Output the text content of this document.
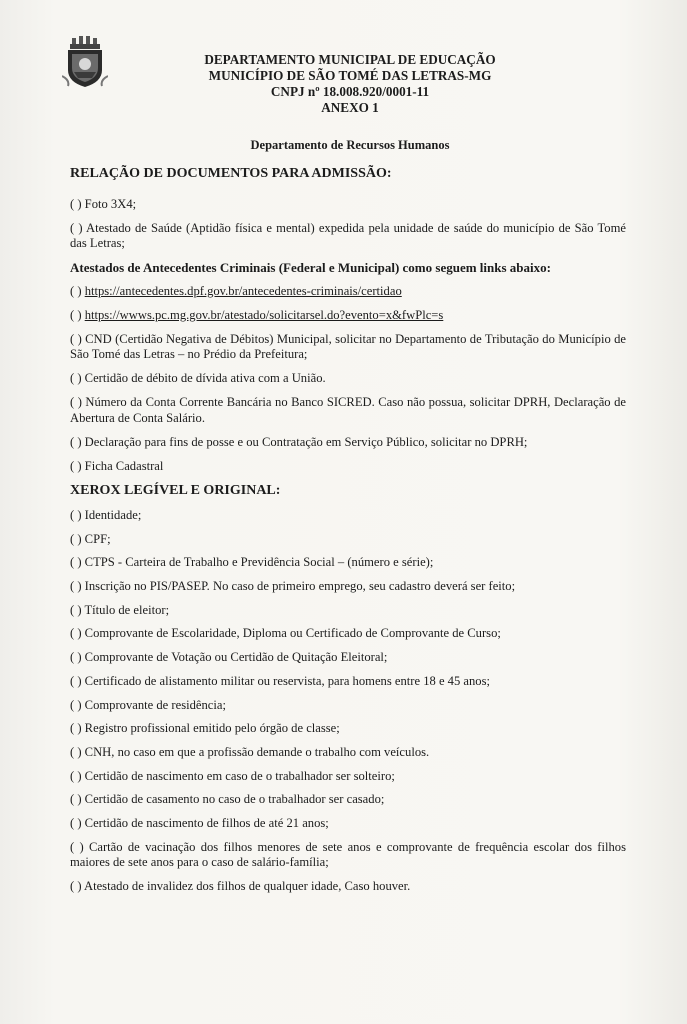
DEPARTAMENTO MUNICIPAL DE EDUCAÇÃO
MUNICÍPIO DE SÃO TOMÉ DAS LETRAS-MG
CNPJ nº 18.008.920/0001-11
ANEXO 1
Departamento de Recursos Humanos
RELAÇÃO DE DOCUMENTOS PARA ADMISSÃO:
( ) Foto 3X4;
( ) Atestado de Saúde (Aptidão física e mental) expedida pela unidade de saúde do município de São Tomé das Letras;
Atestados de Antecedentes Criminais (Federal e Municipal) como seguem links abaixo:
( ) https://antecedentes.dpf.gov.br/antecedentes-criminais/certidao
( ) https://wwws.pc.mg.gov.br/atestado/solicitarsel.do?evento=x&fwPlc=s
( ) CND (Certidão Negativa de Débitos) Municipal, solicitar no Departamento de Tributação do Município de São Tomé das Letras – no Prédio da Prefeitura;
( ) Certidão de débito de dívida ativa com a União.
( ) Número da Conta Corrente Bancária no Banco SICRED. Caso não possua, solicitar DPRH, Declaração de Abertura de Conta Salário.
( ) Declaração para fins de posse e ou Contratação em Serviço Público, solicitar no DPRH;
( ) Ficha Cadastral
XEROX LEGÍVEL E ORIGINAL:
( ) Identidade;
( ) CPF;
( ) CTPS - Carteira de Trabalho e Previdência Social – (número e série);
( ) Inscrição no PIS/PASEP. No caso de primeiro emprego, seu cadastro deverá ser feito;
( ) Título de eleitor;
( ) Comprovante de Escolaridade, Diploma ou Certificado de Comprovante de Curso;
( ) Comprovante de Votação ou Certidão de Quitação Eleitoral;
( ) Certificado de alistamento militar ou reservista, para homens entre 18 e 45 anos;
( ) Comprovante de residência;
( ) Registro profissional emitido pelo órgão de classe;
( ) CNH, no caso em que a profissão demande o trabalho com veículos.
( ) Certidão de nascimento em caso de o trabalhador ser solteiro;
( ) Certidão de casamento no caso de o trabalhador ser casado;
( ) Certidão de nascimento de filhos de até 21 anos;
( ) Cartão de vacinação dos filhos menores de sete anos e comprovante de frequência escolar dos filhos maiores de sete anos para o caso de salário-família;
( ) Atestado de invalidez dos filhos de qualquer idade, Caso houver.
